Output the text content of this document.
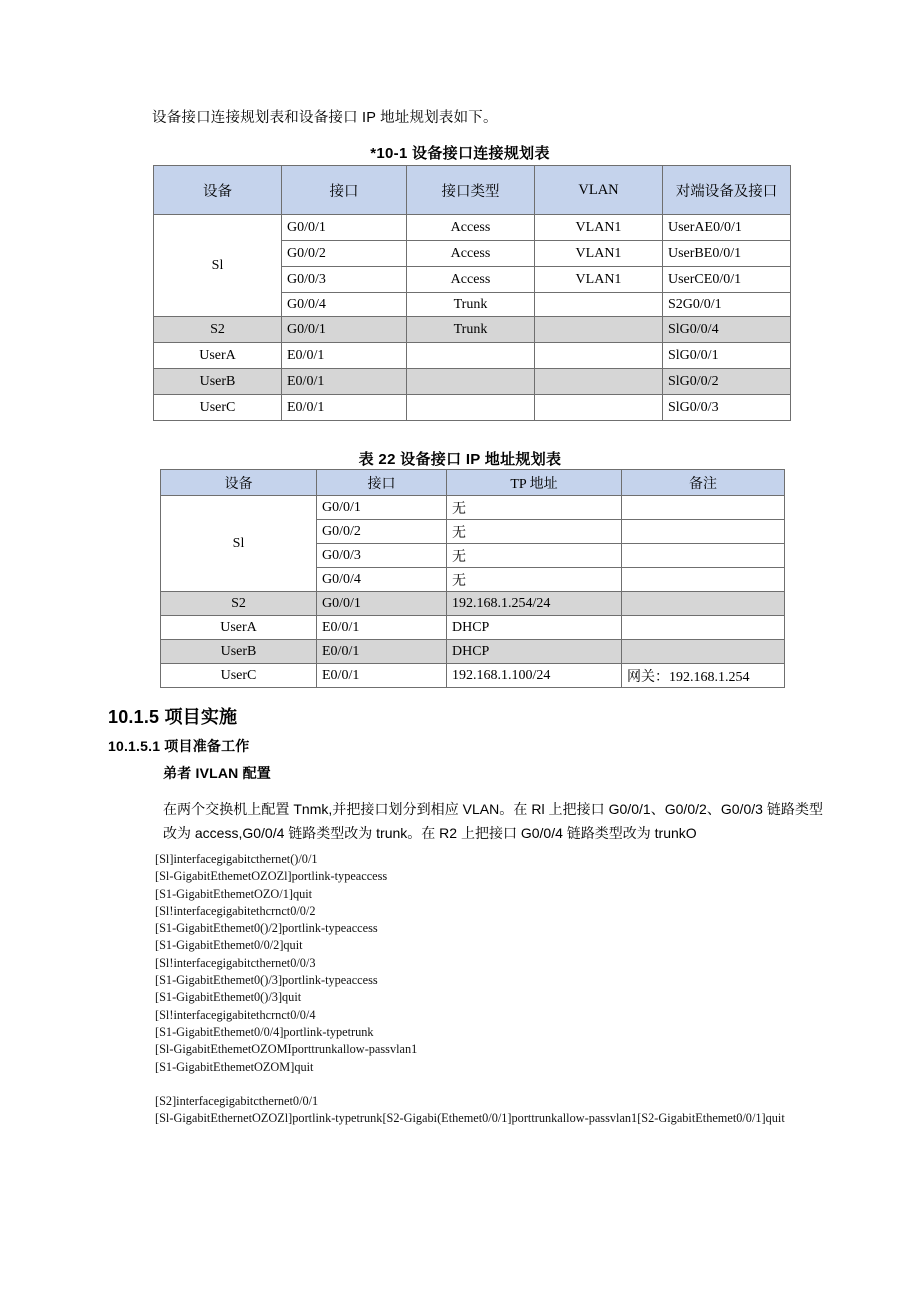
设备接口连接规划表和设备接口 IP 地址规划表如下。
*10-1 设备接口连接规划表
设备	接口	接口类型	VLAN	对端设备及接口
Sl	G0/0/1	Access	VLAN1	UserAE0/0/1
	G0/0/2	Access	VLAN1	UserBE0/0/1
	G0/0/3	Access	VLAN1	UserCE0/0/1
	G0/0/4	Trunk		S2G0/0/1
S2	G0/0/1	Trunk		SlG0/0/4
UserA	E0/0/1			SlG0/0/1
UserB	E0/0/1			SlG0/0/2
UserC	E0/0/1			SlG0/0/3
表 22 设备接口 IP 地址规划表
设备	接口	TP 地址	备注
Sl	G0/0/1	无	
	G0/0/2	无	
	G0/0/3	无	
	G0/0/4	无	
S2	G0/0/1	192.168.1.254/24	
UserA	E0/0/1	DHCP	
UserB	E0/0/1	DHCP	
UserC	E0/0/1	192.168.1.100/24	网关：192.168.1.254
10.1.5 项目实施
10.1.5.1 项目准备工作
弟者 IVLAN 配置
在两个交换机上配置 Tnmk,并把接口划分到相应 VLAN。在 Rl 上把接口 G0/0/1、G0/0/2、G0/0/3 链路类型改为 access,G0/0/4 链路类型改为 trunk。在 R2 上把接口 G0/0/4 链路类型改为 trunkO
[Sl]interfacegigabitcthernet()/0/1
[Sl-GigabitEthemetOZOZl]portlink-typeaccess
[S1-GigabitEthemetOZO/1]quit
[Sl!interfacegigabitethcrnct0/0/2
[S1-GigabitEthemet0()/2]portlink-typeaccess
[S1-GigabitEthemet0/0/2]quit
[Sl!interfacegigabitcthernet0/0/3
[S1-GigabitEthemet0()/3]portlink-typeaccess
[S1-GigabitEthemet0()/3]quit
[Sl!interfacegigabitethcrnct0/0/4
[S1-GigabitEthemet0/0/4]portlink-typetrunk
[Sl-GigabitEthemetOZOMIporttrunkallow-passvlan1
[S1-GigabitEthemetOZOM]quit
[S2]interfacegigabitcthernet0/0/1
[Sl-GigabitEthernetOZOZl]portlink-typetrunk[S2-Gigabi(Ethemet0/0/1]porttrunkallow-passvlan1[S2-GigabitEthemet0/0/1]quit
